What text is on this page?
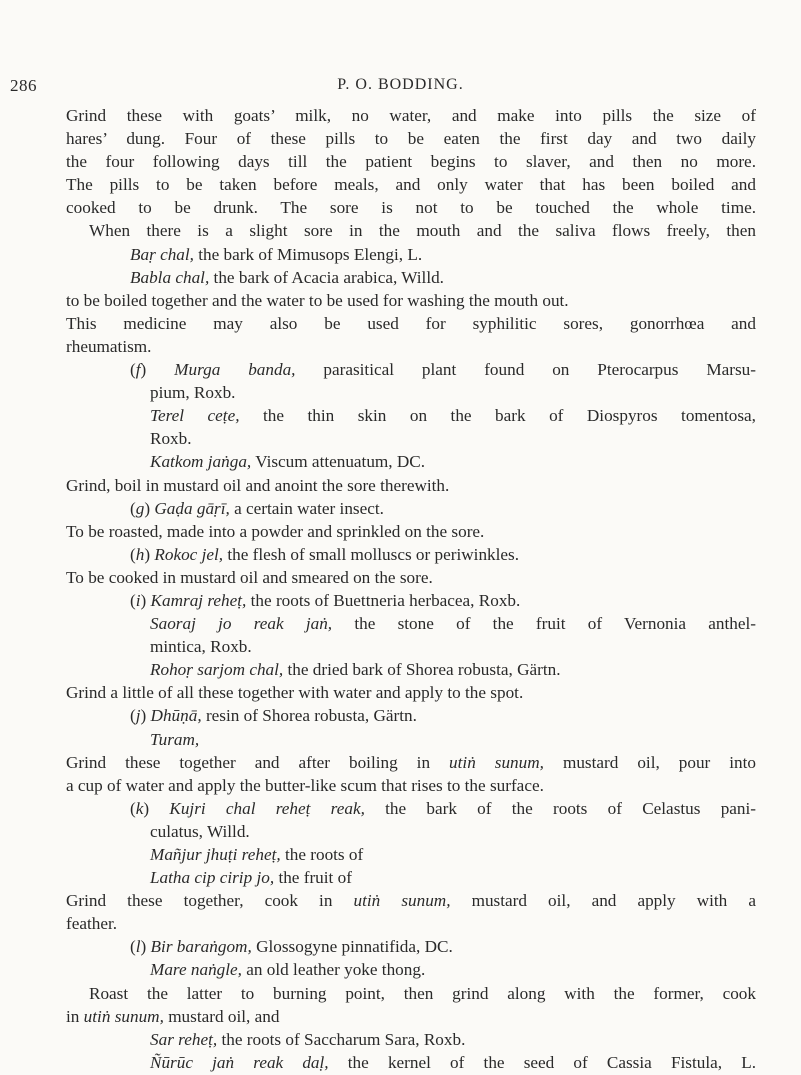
286	P. O. BODDING.
Grind these with goats’ milk, no water, and make into pills the size of
hares’ dung. Four of these pills to be eaten the first day and two daily
the four following days till the patient begins to slaver, and then no more.
The pills to be taken before meals, and only water that has been boiled and
cooked to be drunk. The sore is not to be touched the whole time.
When there is a slight sore in the mouth and the saliva flows freely, then
Baṛ chal, the bark of Mimusops Elengi, L.
Babla chal, the bark of Acacia arabica, Willd.
to be boiled together and the water to be used for washing the mouth out.
This medicine may also be used for syphilitic sores, gonorrhœa and
rheumatism.
(f) Murga banda, parasitical plant found on Pterocarpus Marsu-
pium, Roxb.
Terel ceṭe, the thin skin on the bark of Diospyros tomentosa,
Roxb.
Katkom jaṅga, Viscum attenuatum, DC.
Grind, boil in mustard oil and anoint the sore therewith.
(g) Gaḍa gāṛī, a certain water insect.
To be roasted, made into a powder and sprinkled on the sore.
(h) Rokoc jel, the flesh of small molluscs or periwinkles.
To be cooked in mustard oil and smeared on the sore.
(i) Kamraj reheṭ, the roots of Buettneria herbacea, Roxb.
Saoraj jo reak jaṅ, the stone of the fruit of Vernonia anthel-
mintica, Roxb.
Rohoṛ sarjom chal, the dried bark of Shorea robusta, Gärtn.
Grind a little of all these together with water and apply to the spot.
(j) Dhūṇā, resin of Shorea robusta, Gärtn.
Turam,
Grind these together and after boiling in utiṅ sunum, mustard oil, pour into
a cup of water and apply the butter-like scum that rises to the surface.
(k) Kujri chal reheṭ reak, the bark of the roots of Celastus pani-
culatus, Willd.
Mañjur jhuṭi reheṭ, the roots of
Latha cip cirip jo, the fruit of
Grind these together, cook in utiṅ sunum, mustard oil, and apply with a
feather.
(l) Bir baraṅgom, Glossogyne pinnatifida, DC.
Mare naṅgle, an old leather yoke thong.
Roast the latter to burning point, then grind along with the former, cook
in utiṅ sunum, mustard oil, and
Sar reheṭ, the roots of Saccharum Sara, Roxb.
Ñūrūc jaṅ reak daḷ, the kernel of the seed of Cassia Fistula, L.
